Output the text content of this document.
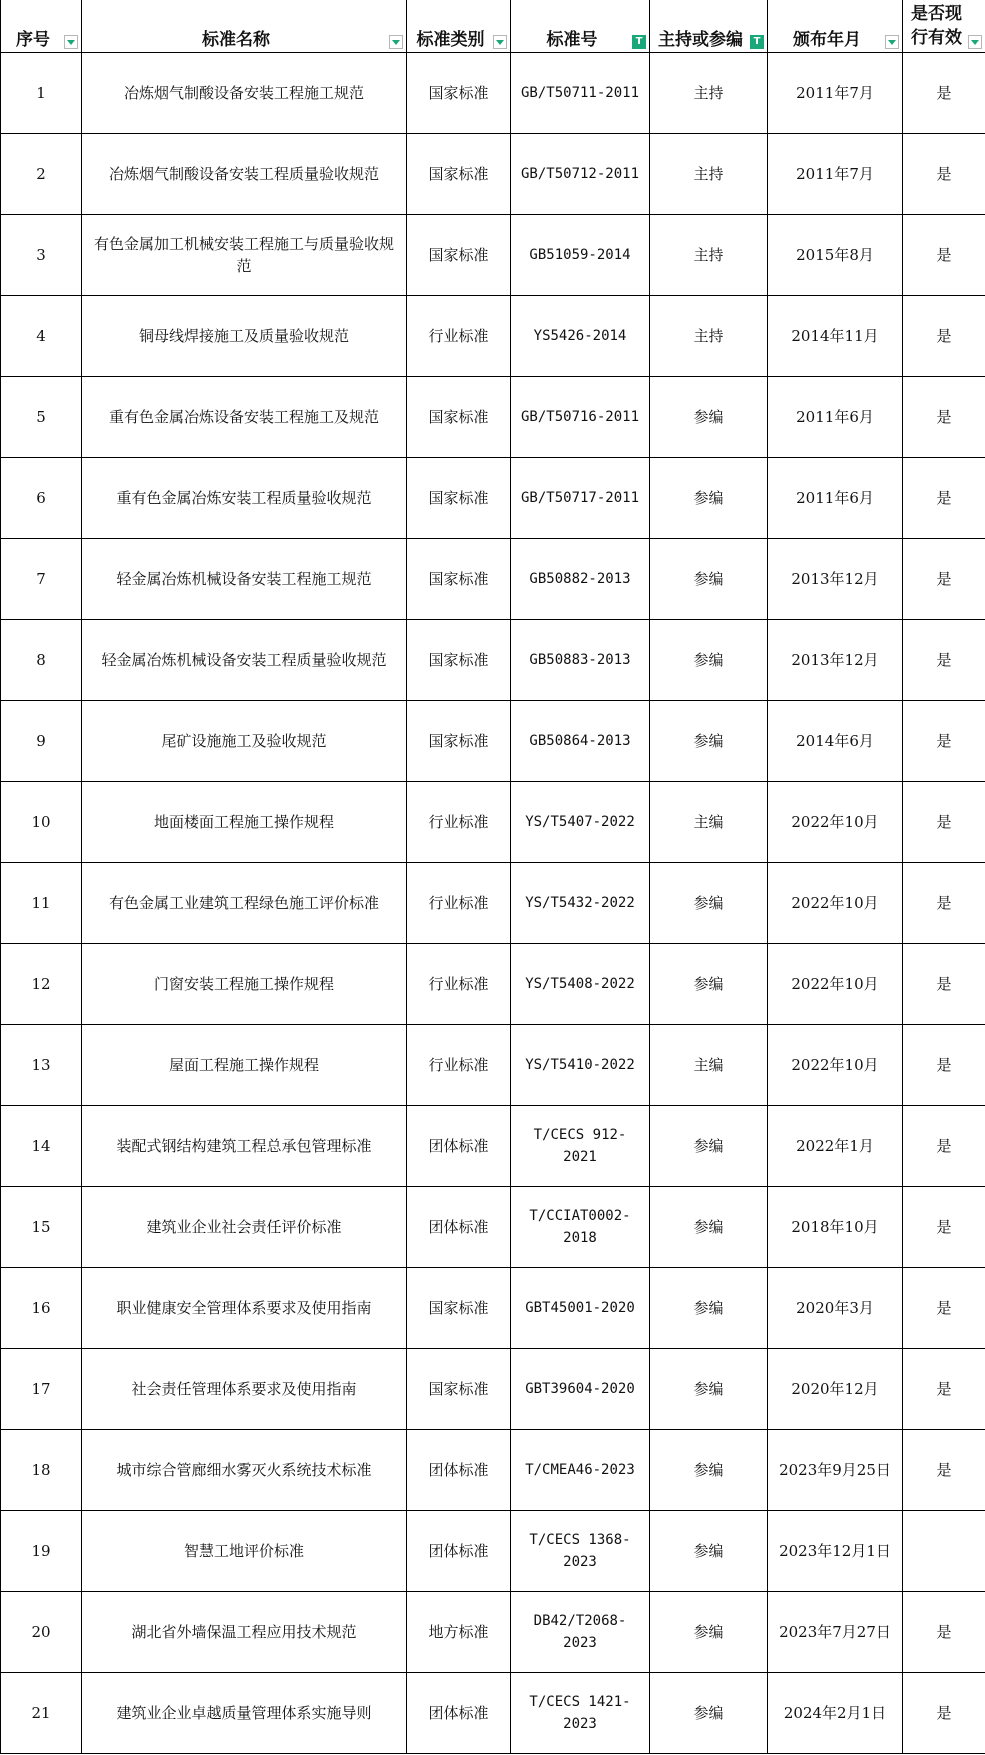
序号	标准名称	标准类别	标准号 T	主持或参编 T	颁布年月	是否现行有效

1	冶炼烟气制酸设备安装工程施工规范	国家标准	GB/T50711-2011	主持	2011年7月	是
2	冶炼烟气制酸设备安装工程质量验收规范	国家标准	GB/T50712-2011	主持	2011年7月	是
3	有色金属加工机械安装工程施工与质量验收规范	国家标准	GB51059-2014	主持	2015年8月	是
4	铜母线焊接施工及质量验收规范	行业标准	YS5426-2014	主持	2014年11月	是
5	重有色金属冶炼设备安装工程施工及规范	国家标准	GB/T50716-2011	参编	2011年6月	是
6	重有色金属冶炼安装工程质量验收规范	国家标准	GB/T50717-2011	参编	2011年6月	是
7	轻金属冶炼机械设备安装工程施工规范	国家标准	GB50882-2013	参编	2013年12月	是
8	轻金属冶炼机械设备安装工程质量验收规范	国家标准	GB50883-2013	参编	2013年12月	是
9	尾矿设施施工及验收规范	国家标准	GB50864-2013	参编	2014年6月	是
10	地面楼面工程施工操作规程	行业标准	YS/T5407-2022	主编	2022年10月	是
11	有色金属工业建筑工程绿色施工评价标准	行业标准	YS/T5432-2022	参编	2022年10月	是
12	门窗安装工程施工操作规程	行业标准	YS/T5408-2022	参编	2022年10月	是
13	屋面工程施工操作规程	行业标准	YS/T5410-2022	主编	2022年10月	是
14	装配式钢结构建筑工程总承包管理标准	团体标准	T/CECS 912-2021	参编	2022年1月	是
15	建筑业企业社会责任评价标准	团体标准	T/CCIAT0002-2018	参编	2018年10月	是
16	职业健康安全管理体系要求及使用指南	国家标准	GBT45001-2020	参编	2020年3月	是
17	社会责任管理体系要求及使用指南	国家标准	GBT39604-2020	参编	2020年12月	是
18	城市综合管廊细水雾灭火系统技术标准	团体标准	T/CMEA46-2023	参编	2023年9月25日	是
19	智慧工地评价标准	团体标准	T/CECS 1368-2023	参编	2023年12月1日	
20	湖北省外墙保温工程应用技术规范	地方标准	DB42/T2068-2023	参编	2023年7月27日	是
21	建筑业企业卓越质量管理体系实施导则	团体标准	T/CECS 1421-2023	参编	2024年2月1日	是
